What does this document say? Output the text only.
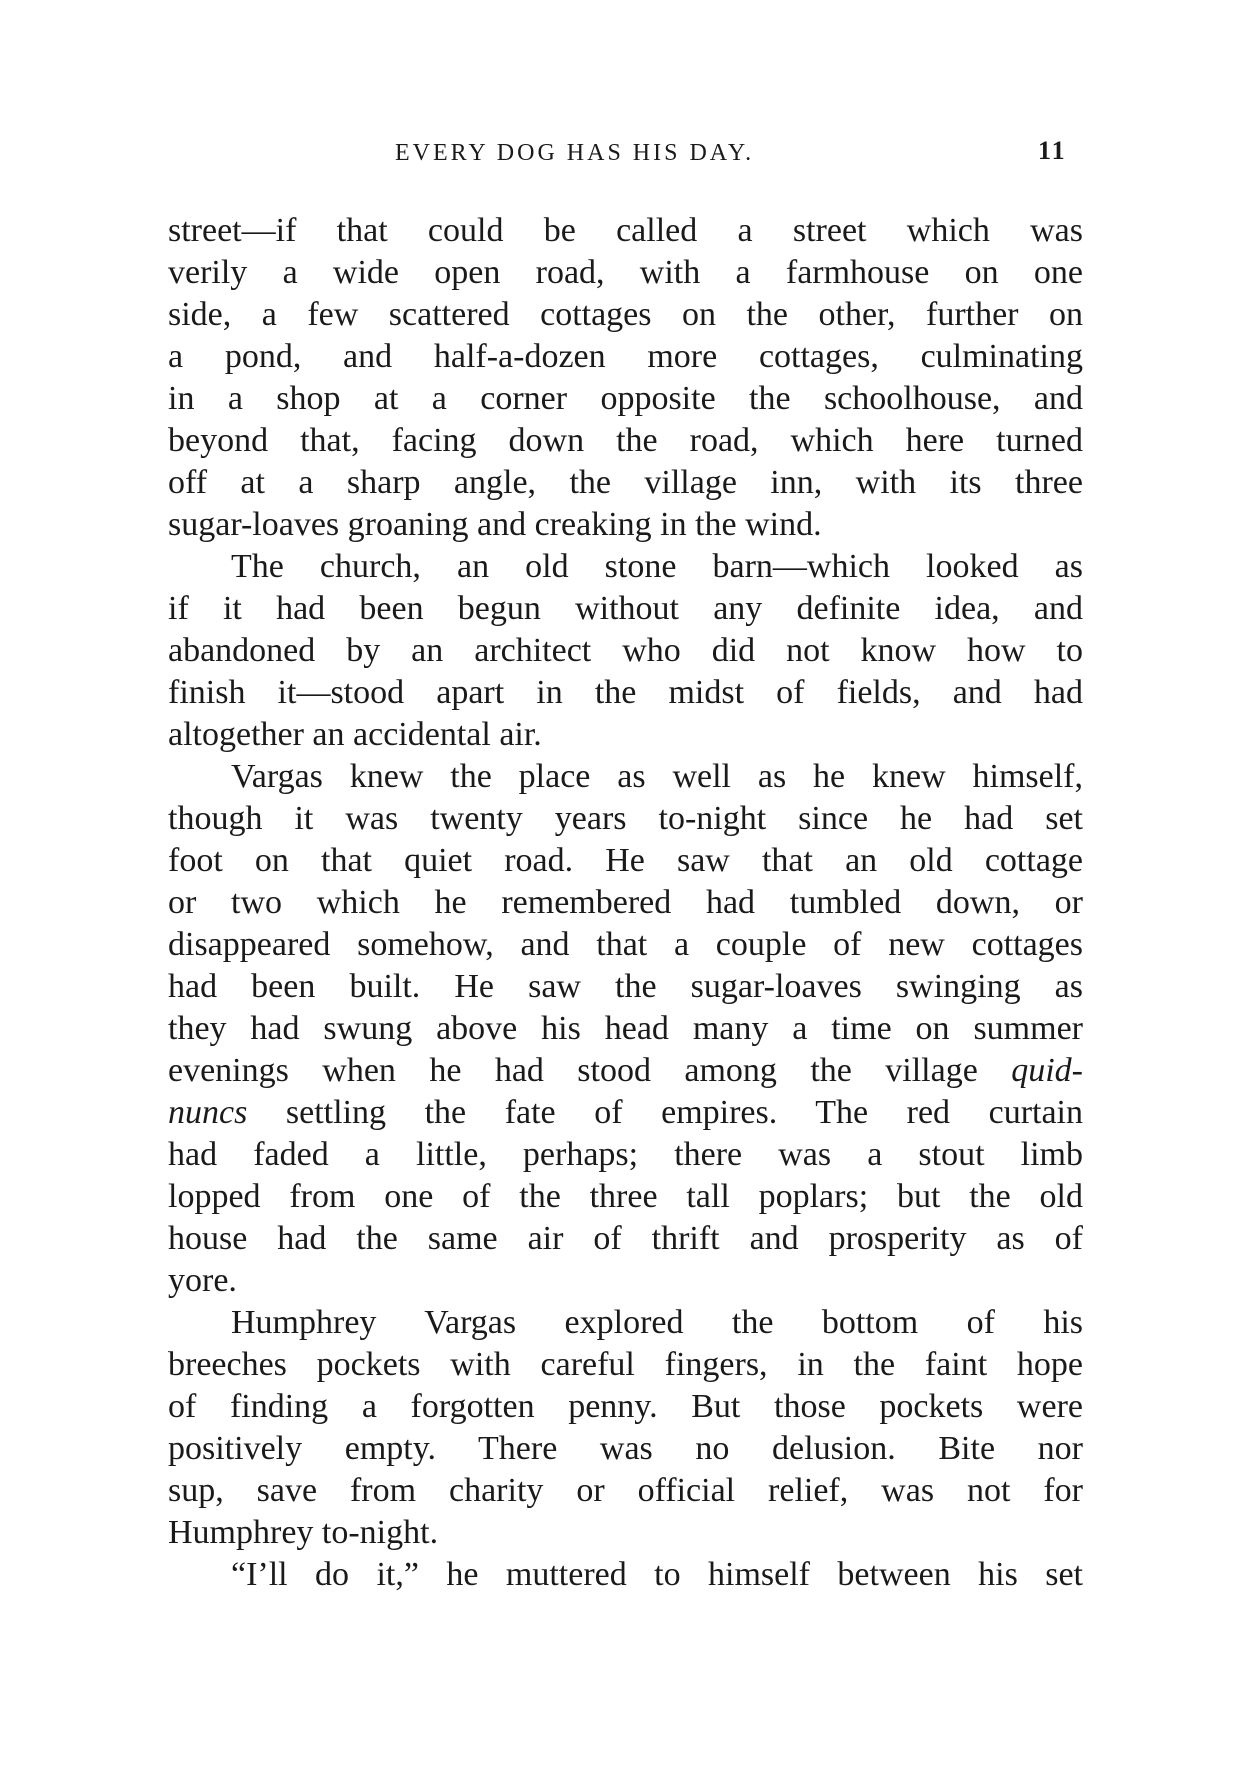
EVERY DOG HAS HIS DAY.	11
street—if that could be called a street which was
verily a wide open road, with a farmhouse on one
side, a few scattered cottages on the other, further on
a pond, and half-a-dozen more cottages, culminating
in a shop at a corner opposite the schoolhouse, and
beyond that, facing down the road, which here turned
off at a sharp angle, the village inn, with its three
sugar-loaves groaning and creaking in the wind.
The church, an old stone barn—which looked as
if it had been begun without any definite idea, and
abandoned by an architect who did not know how to
finish it—stood apart in the midst of fields, and had
altogether an accidental air.
Vargas knew the place as well as he knew himself,
though it was twenty years to-night since he had set
foot on that quiet road. He saw that an old cottage
or two which he remembered had tumbled down, or
disappeared somehow, and that a couple of new cottages
had been built. He saw the sugar-loaves swinging as
they had swung above his head many a time on summer
evenings when he had stood among the village quid-
nuncs settling the fate of empires. The red curtain
had faded a little, perhaps; there was a stout limb
lopped from one of the three tall poplars; but the old
house had the same air of thrift and prosperity as of
yore.
Humphrey Vargas explored the bottom of his
breeches pockets with careful fingers, in the faint hope
of finding a forgotten penny. But those pockets were
positively empty. There was no delusion. Bite nor
sup, save from charity or official relief, was not for
Humphrey to-night.
“I’ll do it,” he muttered to himself between his set
